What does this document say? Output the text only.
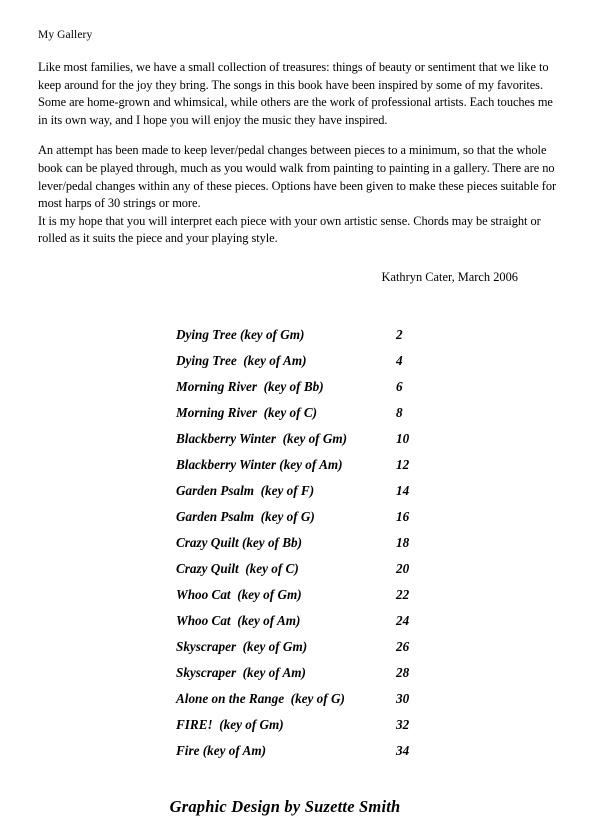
My Gallery

Like most families, we have a small collection of treasures: things of beauty or sentiment that we like to keep around for the joy they bring. The songs in this book have been inspired by some of my favorites. Some are home-grown and whimsical, while others are the work of professional artists. Each touches me in its own way, and I hope you will enjoy the music they have inspired.

An attempt has been made to keep lever/pedal changes between pieces to a minimum, so that the whole book can be played through, much as you would walk from painting to painting in a gallery. There are no lever/pedal changes within any of these pieces. Options have been given to make these pieces suitable for most harps of 30 strings or more.

It is my hope that you will interpret each piece with your own artistic sense. Chords may be straight or rolled as it suits the piece and your playing style.

Kathryn Cater, March 2006
Dying Tree (key of Gm)	2
Dying Tree  (key of Am)	4
Morning River  (key of Bb)	6
Morning River  (key of C)	8
Blackberry Winter  (key of Gm)	10
Blackberry Winter (key of Am)	12
Garden Psalm  (key of F)	14
Garden Psalm  (key of G)	16
Crazy Quilt (key of Bb)	18
Crazy Quilt  (key of C)	20
Whoo Cat  (key of Gm)	22
Whoo Cat  (key of Am)	24
Skyscraper  (key of Gm)	26
Skyscraper  (key of Am)	28
Alone on the Range  (key of G)	30
FIRE!  (key of Gm)	32
Fire (key of Am)	34
Graphic Design by Suzette Smith
